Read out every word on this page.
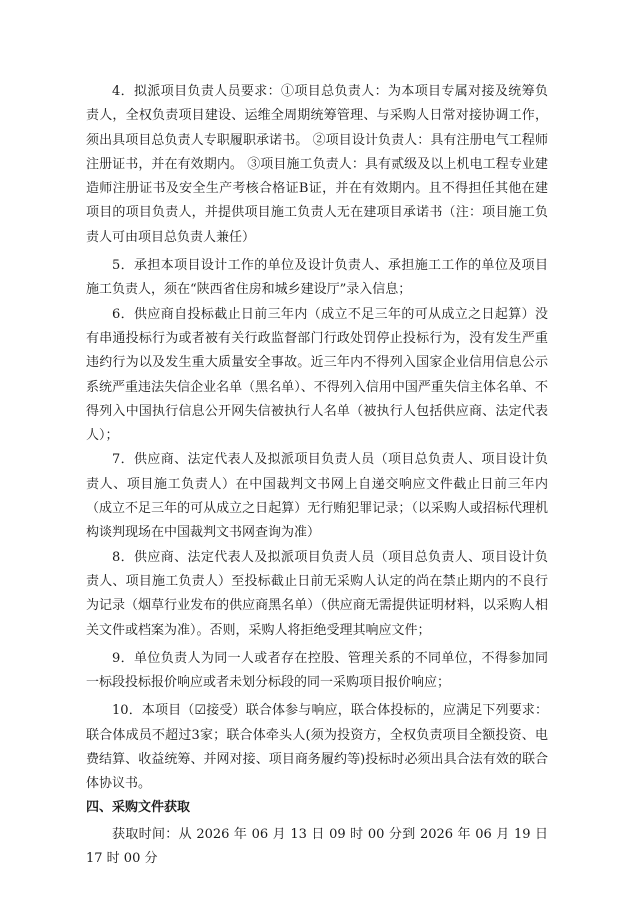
4．拟派项目负责人员要求：①项目总负责人：为本项目专属对接及统筹负责人，全权负责项目建设、运维全周期统筹管理、与采购人日常对接协调工作，须出具项目总负责人专职履职承诺书。 ②项目设计负责人：具有注册电气工程师注册证书，并在有效期内。 ③项目施工负责人：具有贰级及以上机电工程专业建造师注册证书及安全生产考核合格证B证，并在有效期内。且不得担任其他在建项目的项目负责人，并提供项目施工负责人无在建项目承诺书（注：项目施工负责人可由项目总负责人兼任）

5．承担本项目设计工作的单位及设计负责人、承担施工工作的单位及项目施工负责人，须在“陕西省住房和城乡建设厅”录入信息；

6．供应商自投标截止日前三年内（成立不足三年的可从成立之日起算）没有串通投标行为或者被有关行政监督部门行政处罚停止投标行为，没有发生严重违约行为以及发生重大质量安全事故。近三年内不得列入国家企业信用信息公示系统严重违法失信企业名单（黑名单）、不得列入信用中国严重失信主体名单、不得列入中国执行信息公开网失信被执行人名单（被执行人包括供应商、法定代表人）；

7．供应商、法定代表人及拟派项目负责人员（项目总负责人、项目设计负责人、项目施工负责人）在中国裁判文书网上自递交响应文件截止日前三年内（成立不足三年的可从成立之日起算）无行贿犯罪记录；（以采购人或招标代理机构谈判现场在中国裁判文书网查询为准）

8．供应商、法定代表人及拟派项目负责人员（项目总负责人、项目设计负责人、项目施工负责人）至投标截止日前无采购人认定的尚在禁止期内的不良行为记录（烟草行业发布的供应商黑名单）（供应商无需提供证明材料，以采购人相关文件或档案为准）。否则，采购人将拒绝受理其响应文件；

9．单位负责人为同一人或者存在控股、管理关系的不同单位，不得参加同一标段投标报价响应或者未划分标段的同一采购项目报价响应；

10．本项目（☑接受）联合体参与响应，联合体投标的，应满足下列要求：联合体成员不超过3家；联合体牵头人(须为投资方，全权负责项目全额投资、电费结算、收益统筹、并网对接、项目商务履约等)投标时必须出具合法有效的联合体协议书。

四、采购文件获取

获取时间：从 2026 年 06 月 13 日 09 时 00 分到 2026 年 06 月 19 日 17 时 00 分
